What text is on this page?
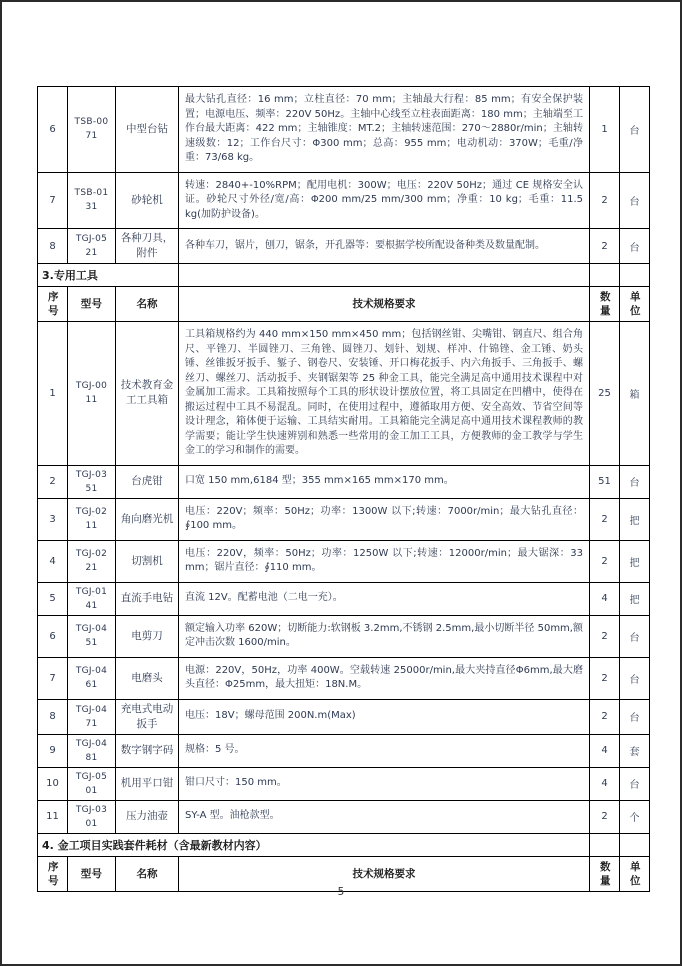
6	TSB-0071	中型台钻	最大钻孔直径：16 mm；立柱直径：70 mm；主轴最大行程：85 mm；有安全保护装置；电源电压、频率：220V 50Hz。主轴中心线至立柱表面距离：180 mm；主轴端至工作台最大距离：422 mm；主轴锥度：MT.2；主轴转速范围：270～2880r/min；主轴转速级数：12；工作台尺寸：Φ300 mm；总高：955 mm；电动机动：370W；毛重/净重：73/68 kg。	1	台
7	TSB-0131	砂轮机	转速：2840+-10%RPM；配用电机：300W；电压：220V 50Hz；通过 CE 规格安全认证。砂轮尺寸外径/宽/高：Φ200 mm/25 mm/300 mm；净重：10 kg；毛重：11.5 kg(加防护设备)。	2	台
8	TGJ-0521	各种刀具，附件	各种车刀，锯片，刨刀，锯条，开孔器等：要根据学校所配设备种类及数量配制。	2	台
3.专用工具					
序号	型号	名称	技术规格要求	数量	单位
1	TGJ-0011	技术教育金工工具箱	工具箱规格约为 440 mm×150 mm×450 mm；包括钢丝钳、尖嘴钳、钢直尺、组合角尺、平锉刀、半圆锉刀、三角锉、圆锉刀、划针、划规、样冲、什锦锉、金工锤、奶头锤、丝锥扳牙扳手、錾子、钢卷尺、安装锤、开口梅花扳手、内六角扳手、三角扳手、螺丝刀、螺丝刀、活动扳手、夹钢锯架等 25 种金工具，能完全满足高中通用技术课程中对金属加工需求。工具箱按照每个工具的形状设计摆放位置，将工具固定在凹槽中，使得在搬运过程中工具不易混乱。同时，在使用过程中，遵循取用方便、安全高效、节省空间等设计理念，箱体便于运输、工具结实耐用。工具箱能完全满足高中通用技术课程教师的教学需要；能让学生快速辨别和熟悉一些常用的金工加工工具，方便教师的金工教学与学生金工的学习和制作的需要。	25	箱
2	TGJ-0351	台虎钳	口宽 150 mm,6184 型；355 mm×165 mm×170 mm。	51	台
3	TGJ-0211	角向磨光机	电压：220V；频率：50Hz；功率：1300W 以下;转速：7000r/min；最大钻孔直径：∮100 mm。	2	把
4	TGJ-0221	切割机	电压：220V，频率：50Hz；功率：1250W 以下;转速：12000r/min；最大锯深：33 mm；锯片直径：∮110 mm。	2	把
5	TGJ-0141	直流手电钻	直流 12V。配蓄电池（二电一充）。	4	把
6	TGJ-0451	电剪刀	额定输入功率 620W；切断能力:软钢板 3.2mm,不锈钢 2.5mm,最小切断半径 50mm,额定冲击次数 1600/min。	2	台
7	TGJ-0461	电磨头	电源：220V，50Hz，功率 400W。空载转速 25000r/min,最大夹持直径Φ6mm,最大磨头直径：Φ25mm，最大扭矩：18N.M。	2	台
8	TGJ-0471	充电式电动扳手	电压：18V；螺母范围 200N.m(Max)	2	台
9	TGJ-0481	数字钢字码	规格：5 号。	4	套
10	TGJ-0501	机用平口钳	钳口尺寸：150 mm。	4	台
11	TGJ-0301	压力油壶	SY-A 型。油枪款型。	2	个
4. 金工项目实践套件耗材（含最新教材内容）					
序号	型号	名称	技术规格要求	数量	单位
5
